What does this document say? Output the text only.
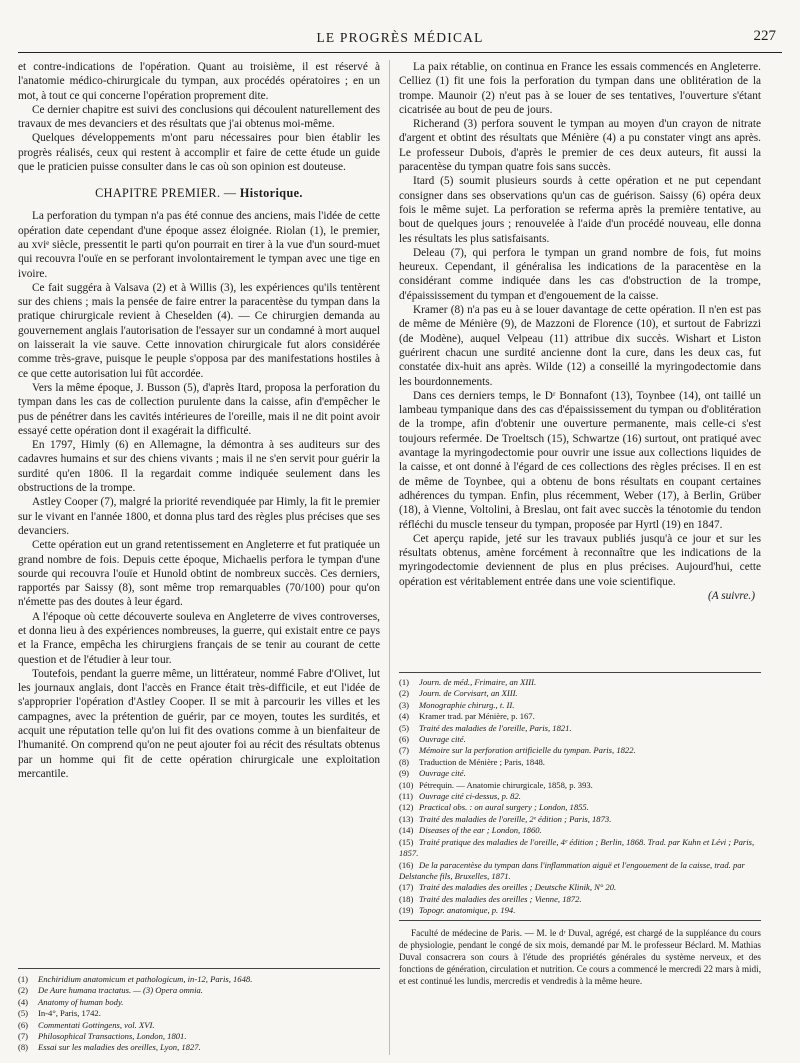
LE PROGRÈS MÉDICAL	227

et contre-indications de l'opération. Quant au troisième, il est réservé à l'anatomie médico-chirurgicale du tympan, aux procédés opératoires ; en un mot, à tout ce qui concerne l'opération proprement dite.

Ce dernier chapitre est suivi des conclusions qui découlent naturellement des travaux de mes devanciers et des résultats que j'ai obtenus moi-même.

Quelques développements m'ont paru nécessaires pour bien établir les progrès réalisés, ceux qui restent à accomplir et faire de cette étude un guide que le praticien puisse consulter dans le cas où son opinion est douteuse.

CHAPITRE PREMIER. — Historique.

La perforation du tympan n'a pas été connue des anciens, mais l'idée de cette opération date cependant d'une époque assez éloignée. Riolan (1), le premier, au xviᵉ siècle, pressentit le parti qu'on pourrait en tirer à la vue d'un sourd-muet qui recouvra l'ouïe en se perforant involontairement le tympan avec une tige en ivoire.

Ce fait suggéra à Valsava (2) et à Willis (3), les expériences qu'ils tentèrent sur des chiens ; mais la pensée de faire entrer la paracentèse du tympan dans la pratique chirurgicale revient à Cheselden (4). — Ce chirurgien demanda au gouvernement anglais l'autorisation de l'essayer sur un condamné à mort auquel on laisserait la vie sauve. Cette innovation chirurgicale fut alors considérée comme très-grave, puisque le peuple s'opposa par des manifestations hostiles à ce que cette autorisation lui fût accordée.

Vers la même époque, J. Busson (5), d'après Itard, proposa la perforation du tympan dans les cas de collection purulente dans la caisse, afin d'empêcher le pus de pénétrer dans les cavités intérieures de l'oreille, mais il ne dit point avoir essayé cette opération dont il exagérait la difficulté.

En 1797, Himly (6) en Allemagne, la démontra à ses auditeurs sur des cadavres humains et sur des chiens vivants ; mais il ne s'en servit pour guérir la surdité qu'en 1806. Il la regardait comme indiquée seulement dans les obstructions de la trompe.

Astley Cooper (7), malgré la priorité revendiquée par Himly, la fit le premier sur le vivant en l'année 1800, et donna plus tard des règles plus précises que ses devanciers.

Cette opération eut un grand retentissement en Angleterre et fut pratiquée un grand nombre de fois. Depuis cette époque, Michaelis perfora le tympan d'une sourde qui recouvra l'ouïe et Hunold obtint de nombreux succès. Ces derniers, rapportés par Saissy (8), sont même trop remarquables (70/100) pour qu'on n'émette pas des doutes à leur égard.

A l'époque où cette découverte souleva en Angleterre de vives controverses, et donna lieu à des expériences nombreuses, la guerre, qui existait entre ce pays et la France, empêcha les chirurgiens français de se tenir au courant de cette question et de l'étudier à leur tour.

Toutefois, pendant la guerre même, un littérateur, nommé Fabre d'Olivet, lut les journaux anglais, dont l'accès en France était très-difficile, et eut l'idée de s'approprier l'opération d'Astley Cooper. Il se mit à parcourir les villes et les campagnes, avec la prétention de guérir, par ce moyen, toutes les surdités, et acquit une réputation telle qu'on lui fit des ovations comme à un bienfaiteur de l'humanité. On comprend qu'on ne peut ajouter foi au récit des résultats obtenus par un homme qui fit de cette opération chirurgicale une exploitation mercantile.

(1) Enchiridium anatomicum et pathologicum, in-12, Paris, 1648.

(2) De Aure humana tractatus. — (3) Opera omnia.

(4) Anatomy of human body.

(5) In-4°, Paris, 1742.

(6) Commentati Gottingens, vol. XVI.

(7) Philosophical Transactions, London, 1801.

(8) Essai sur les maladies des oreilles, Lyon, 1827.

La paix rétablie, on continua en France les essais commencés en Angleterre. Celliez (1) fit une fois la perforation du tympan dans une oblitération de la trompe. Maunoir (2) n'eut pas à se louer de ses tentatives, l'ouverture s'étant cicatrisée au bout de peu de jours.

Richerand (3) perfora souvent le tympan au moyen d'un crayon de nitrate d'argent et obtint des résultats que Ménière (4) a pu constater vingt ans après. Le professeur Dubois, d'après le premier de ces deux auteurs, fit aussi la paracentèse du tympan quatre fois sans succès.

Itard (5) soumit plusieurs sourds à cette opération et ne put cependant consigner dans ses observations qu'un cas de guérison. Saissy (6) opéra deux fois le même sujet. La perforation se referma après la première tentative, au bout de quelques jours ; renouvelée à l'aide d'un procédé nouveau, elle donna les résultats les plus satisfaisants.

Deleau (7), qui perfora le tympan un grand nombre de fois, fut moins heureux. Cependant, il généralisa les indications de la paracentèse en la considérant comme indiquée dans les cas d'obstruction de la trompe, d'épaississement du tympan et d'engouement de la caisse.

Kramer (8) n'a pas eu à se louer davantage de cette opération. Il n'en est pas de même de Ménière (9), de Mazzoni de Florence (10), et surtout de Fabrizzi (de Modène), auquel Velpeau (11) attribue dix succès. Wishart et Liston guérirent chacun une surdité ancienne dont la cure, dans les deux cas, fut constatée dix-huit ans après. Wilde (12) a conseillé la myringodectomie dans les bourdonnements.

Dans ces derniers temps, le Dʳ Bonnafont (13), Toynbee (14), ont taillé un lambeau tympanique dans des cas d'épaississement du tympan ou d'oblitération de la trompe, afin d'obtenir une ouverture permanente, mais celle-ci s'est toujours refermée. De Troeltsch (15), Schwartze (16) surtout, ont pratiqué avec avantage la myringodectomie pour ouvrir une issue aux collections liquides de la caisse, et ont donné à l'égard de ces collections des règles précises. Il en est de même de Toynbee, qui a obtenu de bons résultats en coupant certaines adhérences du tympan. Enfin, plus récemment, Weber (17), à Berlin, Grüber (18), à Vienne, Voltolini, à Breslau, ont fait avec succès la ténotomie du tendon réfléchi du muscle tenseur du tympan, proposée par Hyrtl (19) en 1847.

Cet aperçu rapide, jeté sur les travaux publiés jusqu'à ce jour et sur les résultats obtenus, amène forcément à reconnaître que les indications de la myringodectomie deviennent de plus en plus précises. Aujourd'hui, cette opération est véritablement entrée dans une voie scientifique.

(A suivre.)

(1) Journ. de méd., Frimaire, an XIII.

(2) Journ. de Corvisart, an XIII.

(3) Monographie chirurg., t. II.

(4) Kramer trad. par Ménière, p. 167.

(5) Traité des maladies de l'oreille, Paris, 1821.

(6) Ouvrage cité.

(7) Mémoire sur la perforation artificielle du tympan. Paris, 1822.

(8) Traduction de Ménière ; Paris, 1848.

(9) Ouvrage cité.

(10) Pétrequin. — Anatomie chirurgicale, 1858, p. 393.

(11) Ouvrage cité ci-dessus, p. 82.

(12) Practical obs. : on aural surgery ; London, 1855.

(13) Traité des maladies de l'oreille, 2ᵉ édition ; Paris, 1873.

(14) Diseases of the ear ; London, 1860.

(15) Traité pratique des maladies de l'oreille, 4ᵉ édition ; Berlin, 1868. Trad. par Kuhn et Lévi ; Paris, 1857.

(16) De la paracentèse du tympan dans l'inflammation aiguë et l'engouement de la caisse, trad. par Delstanche fils, Bruxelles, 1871.

(17) Traité des maladies des oreilles ; Deutsche Klinik, N° 20.

(18) Traité des maladies des oreilles ; Vienne, 1872.

(19) Topogr. anatomique, p. 194.

Faculté de médecine de Paris. — M. le dʳ Duval, agrégé, est chargé de la suppléance du cours de physiologie, pendant le congé de six mois, demandé par M. le professeur Béclard. M. Mathias Duval consacrera son cours à l'étude des propriétés générales du système nerveux, et des fonctions de génération, circulation et nutrition. Ce cours a commencé le mercredi 22 mars à midi, et est continué les lundis, mercredis et vendredis à la même heure.
